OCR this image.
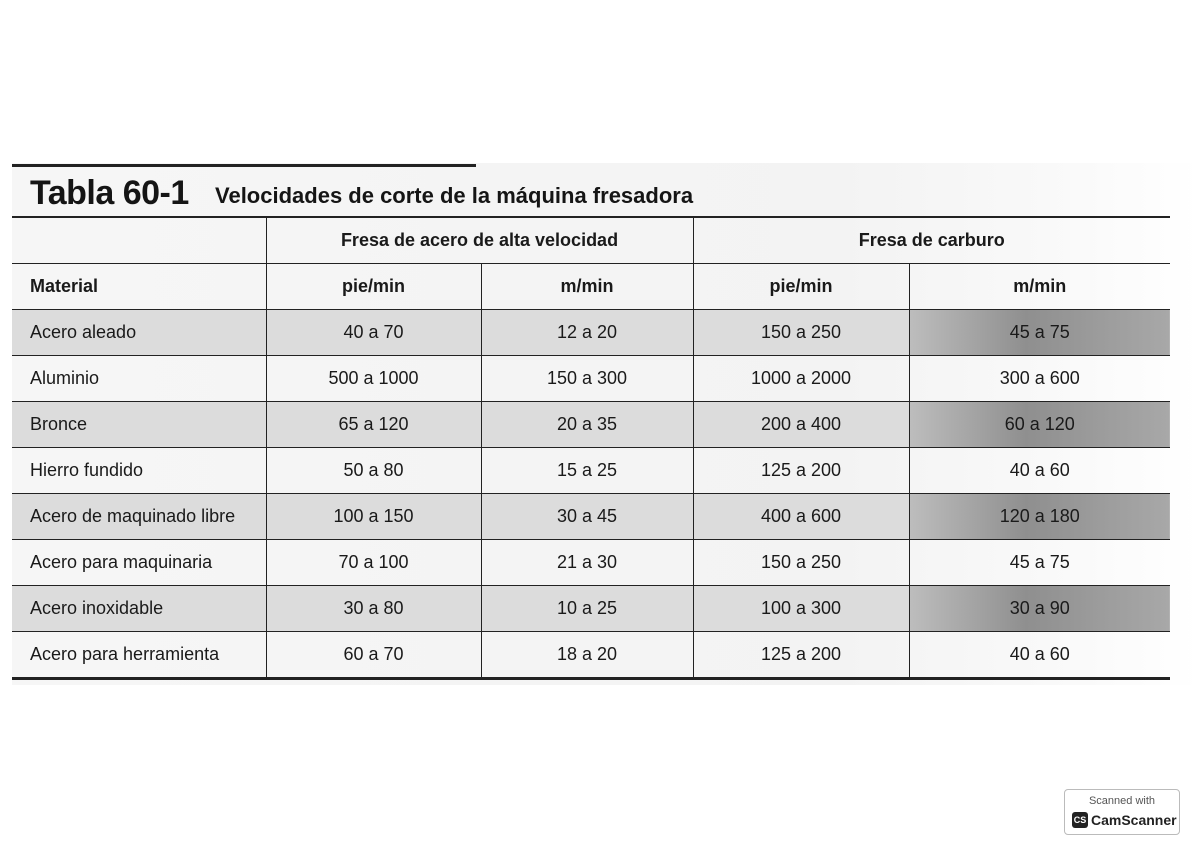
Tabla 60-1 Velocidades de corte de la máquina fresadora
	Fresa de acero de alta velocidad		Fresa de carburo	
Material	pie/min	m/min	pie/min	m/min
Acero aleado	40 a 70	12 a 20	150 a 250	45 a 75
Aluminio	500 a 1000	150 a 300	1000 a 2000	300 a 600
Bronce	65 a 120	20 a 35	200 a 400	60 a 120
Hierro fundido	50 a 80	15 a 25	125 a 200	40 a 60
Acero de maquinado libre	100 a 150	30 a 45	400 a 600	120 a 180
Acero para maquinaria	70 a 100	21 a 30	150 a 250	45 a 75
Acero inoxidable	30 a 80	10 a 25	100 a 300	30 a 90
Acero para herramienta	60 a 70	18 a 20	125 a 200	40 a 60
Scanned with
CS CamScanner
